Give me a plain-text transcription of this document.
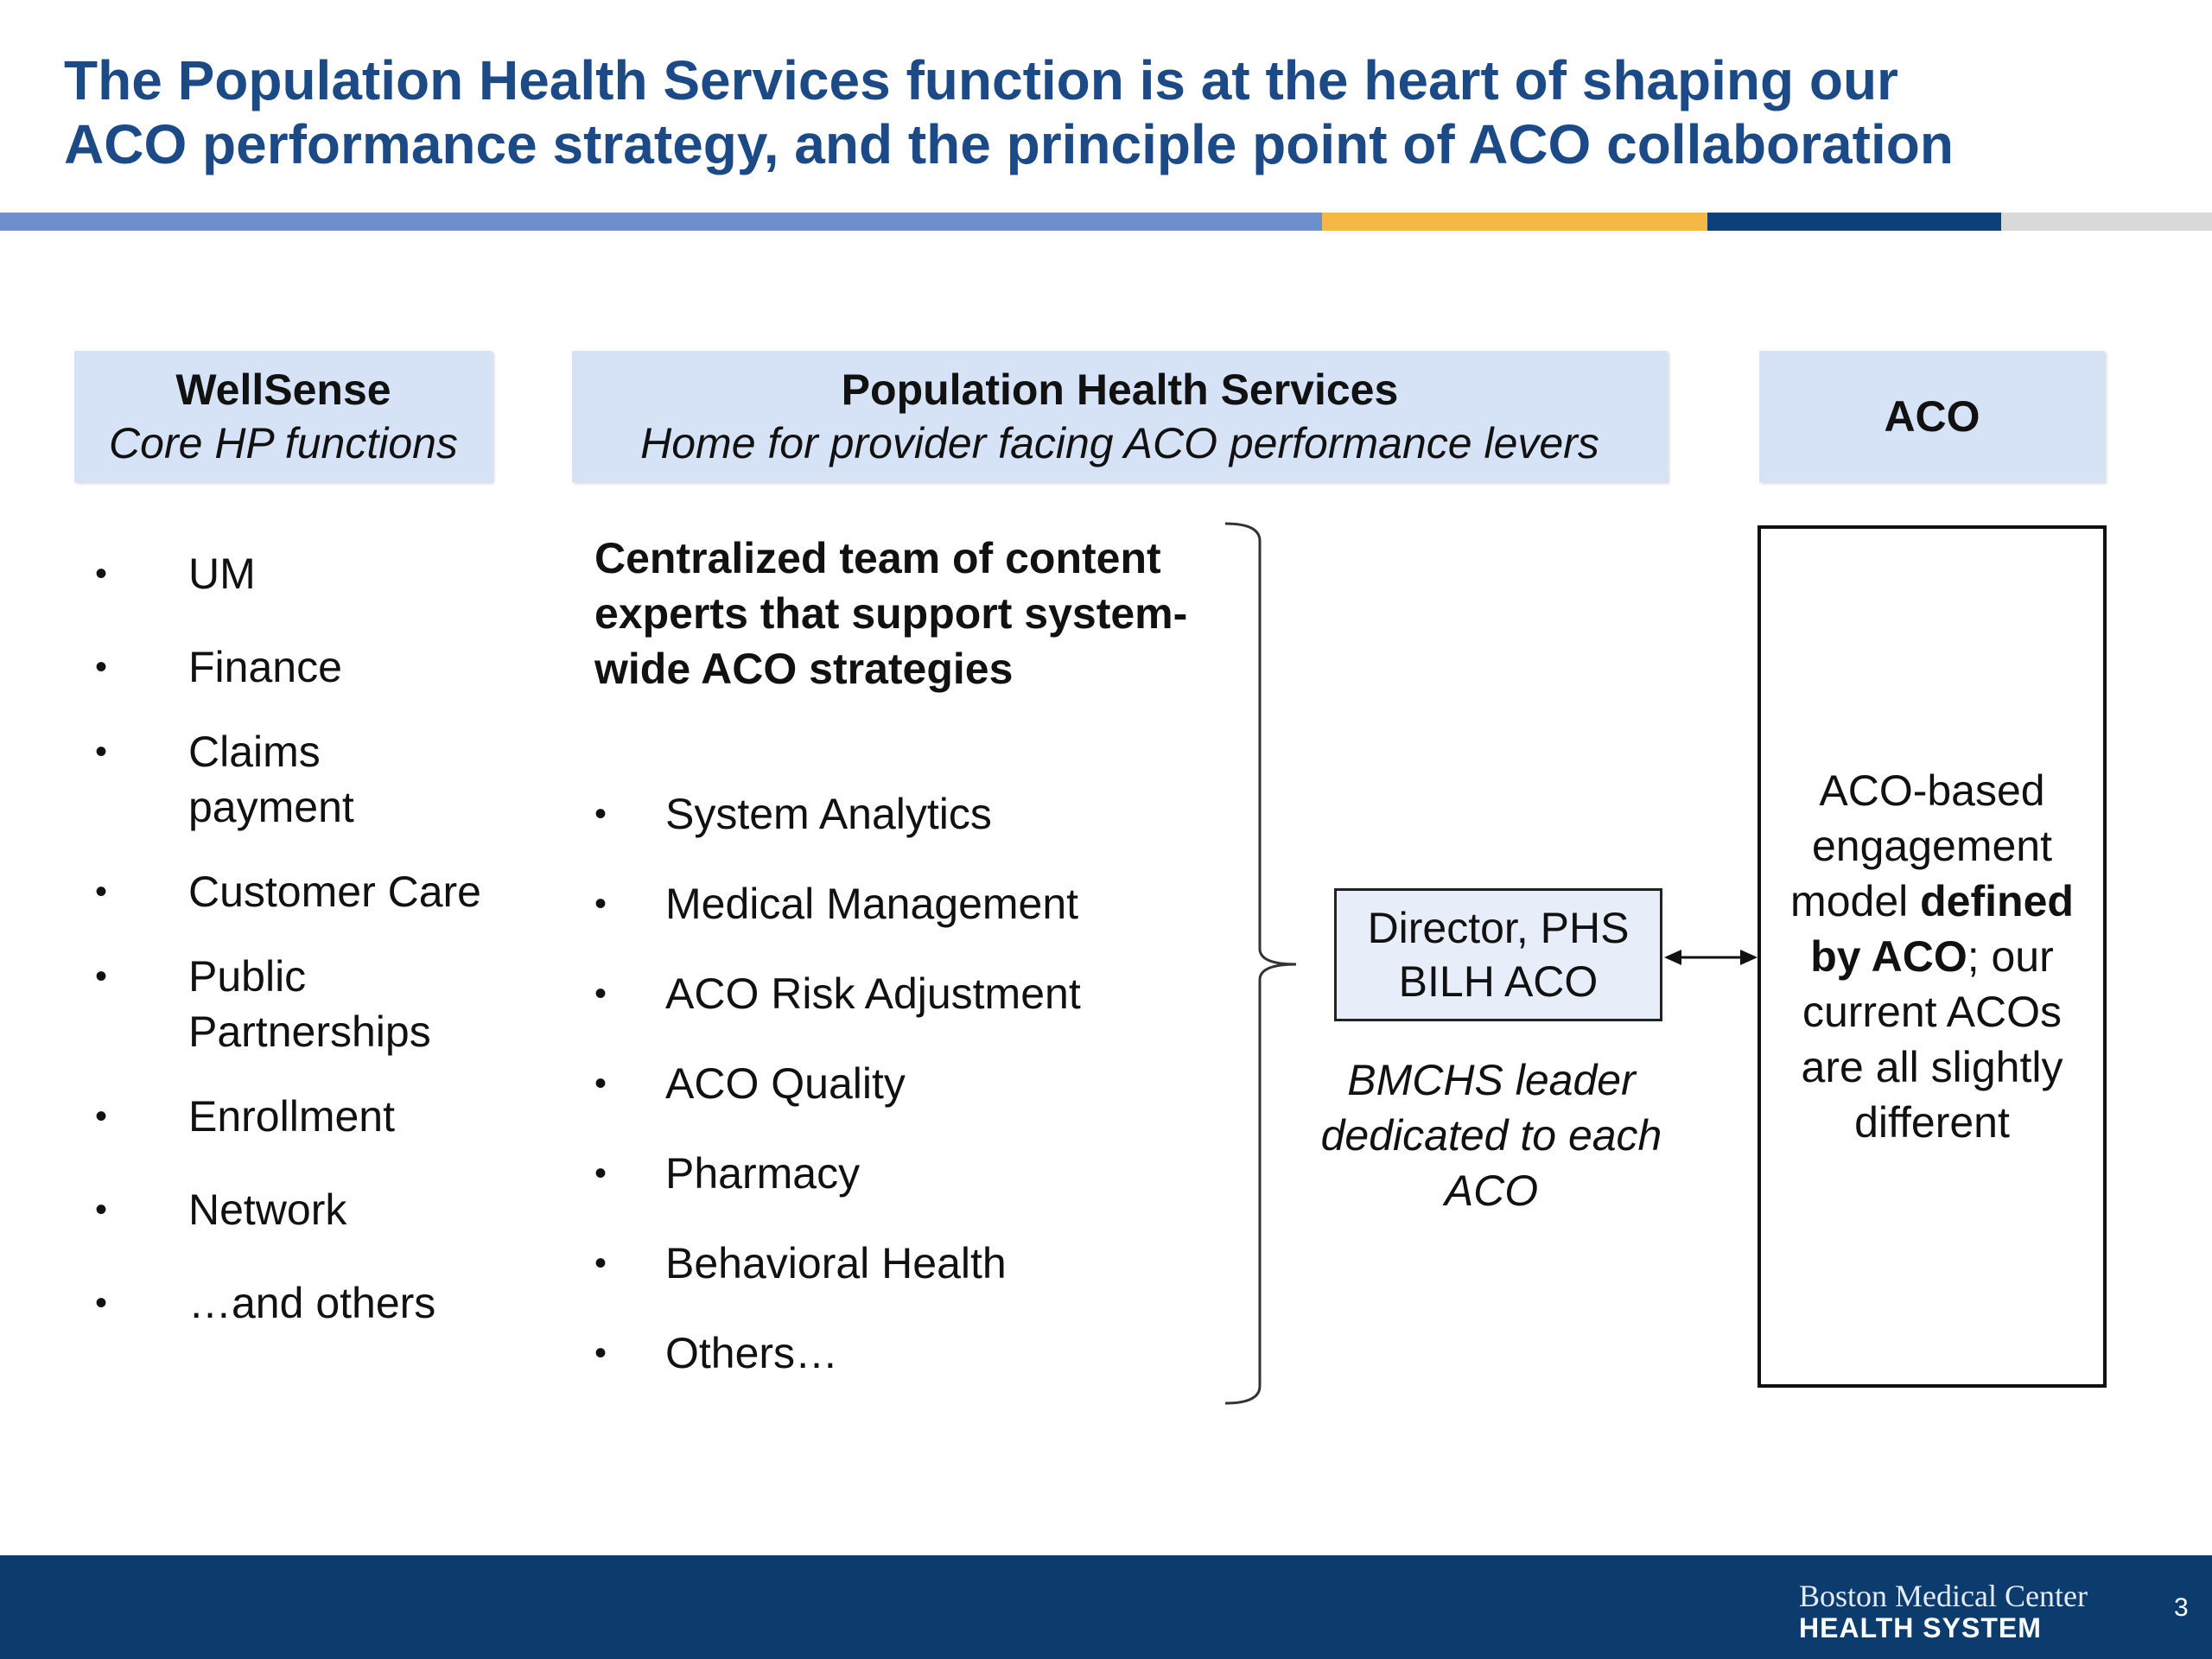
The Population Health Services function is at the heart of shaping our
ACO performance strategy, and the principle point of ACO collaboration
WellSense
Core HP functions
Population Health Services
Home for provider facing ACO performance levers
ACO
• UM
• Finance
• Claims payment
• Customer Care
• Public Partnerships
• Enrollment
• Network
• …and others
Centralized team of content experts that support system-wide ACO strategies
• System Analytics
• Medical Management
• ACO Risk Adjustment
• ACO Quality
• Pharmacy
• Behavioral Health
• Others…
Director, PHS
BILH ACO
BMCHS leader dedicated to each ACO
ACO-based engagement model defined by ACO; our current ACOs are all slightly different
Boston Medical Center
HEALTH SYSTEM
3
